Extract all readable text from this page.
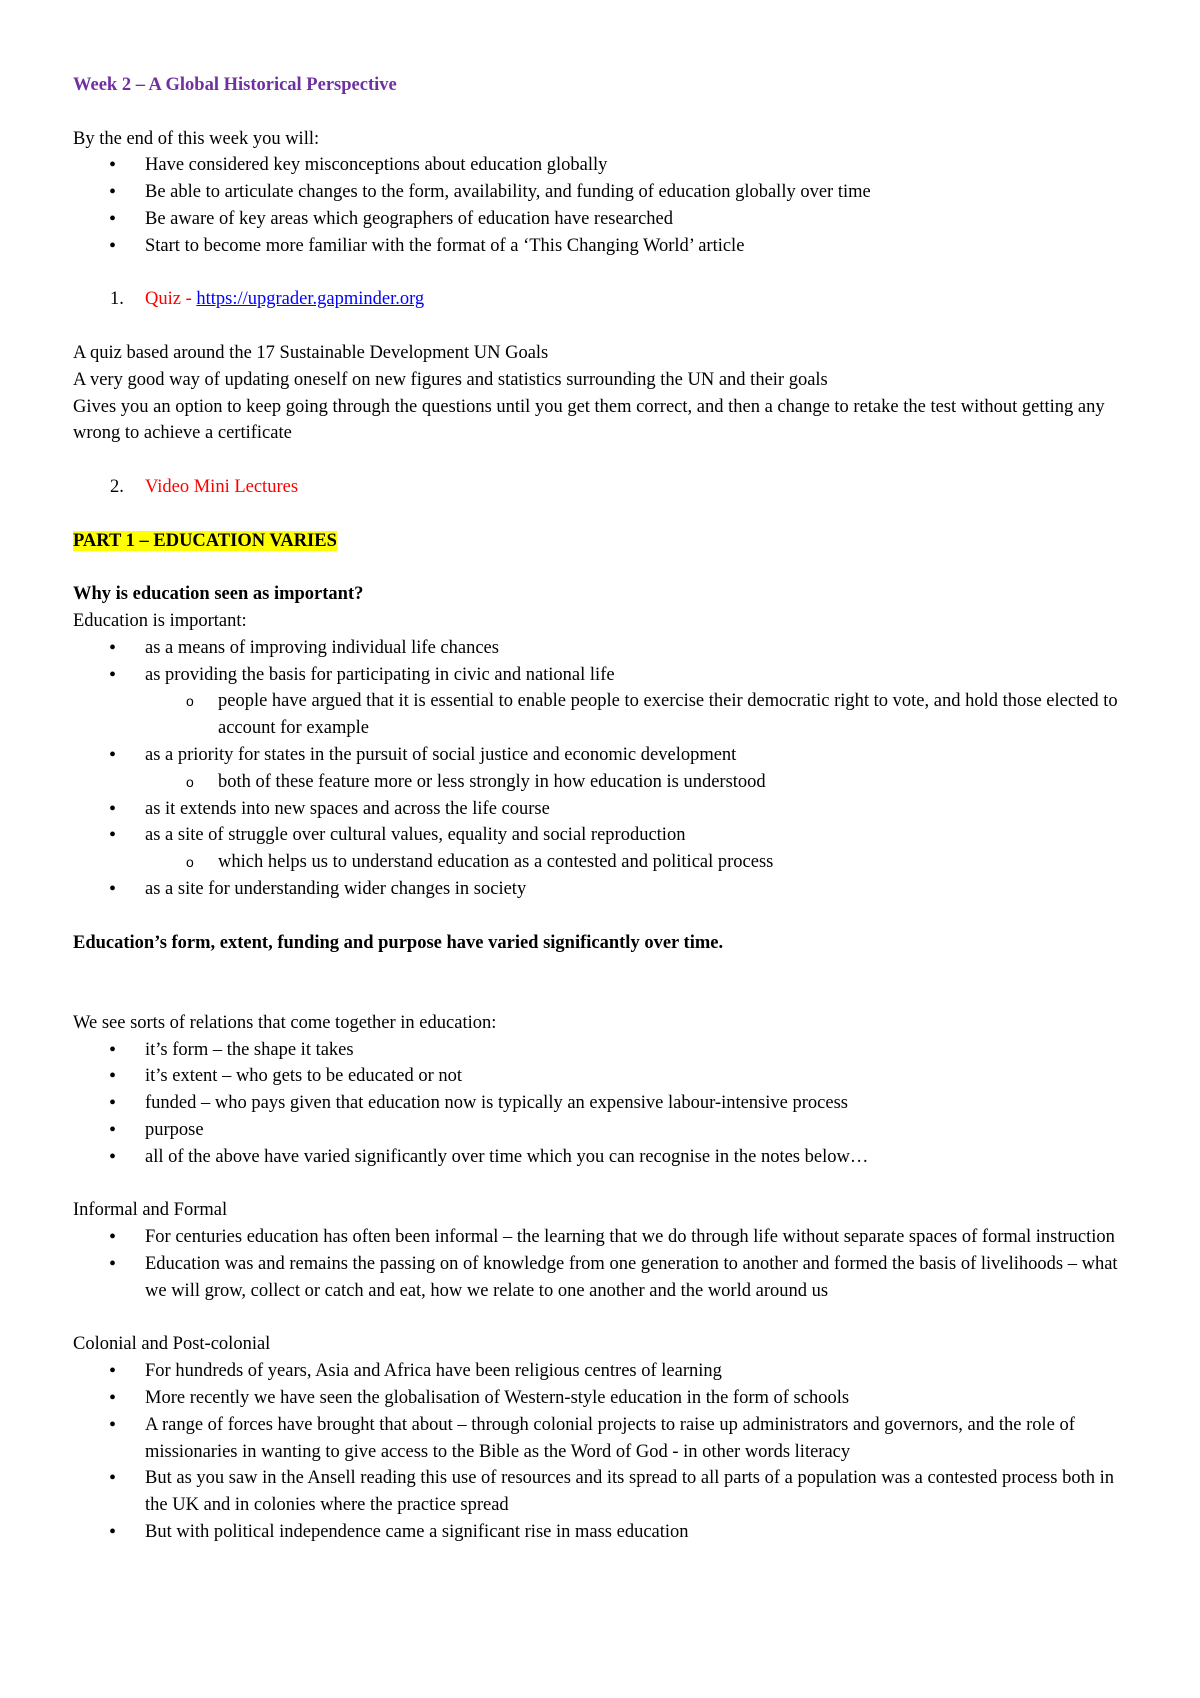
Week 2 – A Global Historical Perspective

By the end of this week you will:

• Have considered key misconceptions about education globally
• Be able to articulate changes to the form, availability, and funding of education globally over time
• Be aware of key areas which geographers of education have researched
• Start to become more familiar with the format of a ‘This Changing World’ article
1. Quiz - https://upgrader.gapminder.org

A quiz based around the 17 Sustainable Development UN Goals

A very good way of updating oneself on new figures and statistics surrounding the UN and their goals

Gives you an option to keep going through the questions until you get them correct, and then a change to retake the test without getting any wrong to achieve a certificate

2. Video Mini Lectures

PART 1 – EDUCATION VARIES

Why is education seen as important?

Education is important:

• as a means of improving individual life chances
• as providing the basis for participating in civic and national life
o people have argued that it is essential to enable people to exercise their democratic right to vote, and hold those elected to account for example
• as a priority for states in the pursuit of social justice and economic development
o both of these feature more or less strongly in how education is understood
• as it extends into new spaces and across the life course
• as a site of struggle over cultural values, equality and social reproduction
o which helps us to understand education as a contested and political process
• as a site for understanding wider changes in society

Education’s form, extent, funding and purpose have varied significantly over time.

We see sorts of relations that come together in education:

• it’s form – the shape it takes
• it’s extent – who gets to be educated or not
• funded – who pays given that education now is typically an expensive labour-intensive process
• purpose
• all of the above have varied significantly over time which you can recognise in the notes below…

Informal and Formal

• For centuries education has often been informal – the learning that we do through life without separate spaces of formal instruction
• Education was and remains the passing on of knowledge from one generation to another and formed the basis of livelihoods – what we will grow, collect or catch and eat, how we relate to one another and the world around us

Colonial and Post-colonial

• For hundreds of years, Asia and Africa have been religious centres of learning
• More recently we have seen the globalisation of Western-style education in the form of schools
• A range of forces have brought that about – through colonial projects to raise up administrators and governors, and the role of missionaries in wanting to give access to the Bible as the Word of God - in other words literacy
• But as you saw in the Ansell reading this use of resources and its spread to all parts of a population was a contested process both in the UK and in colonies where the practice spread
• But with political independence came a significant rise in mass education
